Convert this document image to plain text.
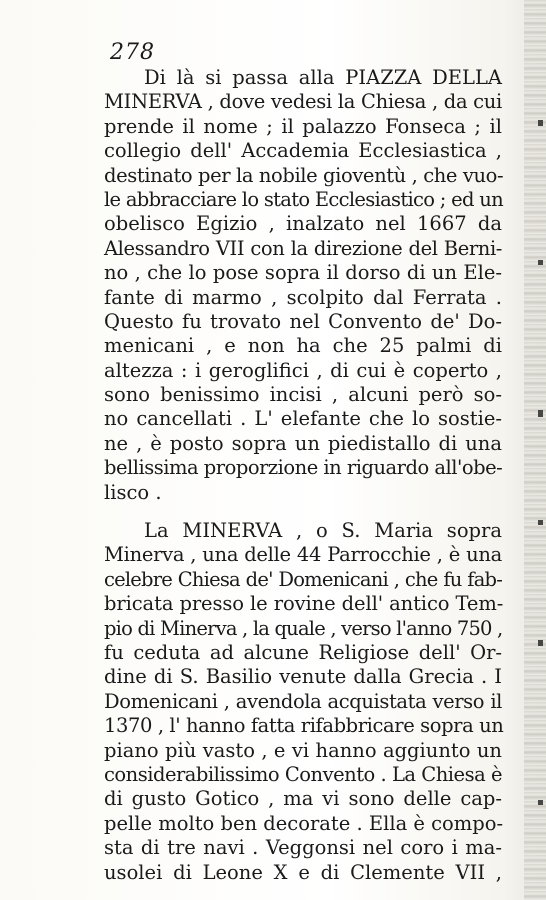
278
Di là si passa alla PIAZZA DELLA
MINERVA , dove vedesi la Chiesa , da cui
prende il nome ; il palazzo Fonseca ; il
collegio dell' Accademia Ecclesiastica ,
destinato per la nobile gioventù , che vuo-
le abbracciare lo stato Ecclesiastico ; ed un
obelisco Egizio , inalzato nel 1667 da
Alessandro VII con la direzione del Berni-
no , che lo pose sopra il dorso di un Ele-
fante di marmo , scolpito dal Ferrata .
Questo fu trovato nel Convento de' Do-
menicani , e non ha che 25 palmi di
altezza : i geroglifici , di cui è coperto ,
sono benissimo incisi , alcuni però so-
no cancellati . L' elefante che lo sostie-
ne , è posto sopra un piedistallo di una
bellissima proporzione in riguardo all'obe-
lisco .
La MINERVA , o S. Maria sopra
Minerva , una delle 44 Parrocchie , è una
celebre Chiesa de' Domenicani , che fu fab-
bricata presso le rovine dell' antico Tem-
pio di Minerva , la quale , verso l'anno 750 ,
fu ceduta ad alcune Religiose dell' Or-
dine di S. Basilio venute dalla Grecia . I
Domenicani , avendola acquistata verso il
1370 , l' hanno fatta rifabbricare sopra un
piano più vasto , e vi hanno aggiunto un
considerabilissimo Convento . La Chiesa è
di gusto Gotico , ma vi sono delle cap-
pelle molto ben decorate . Ella è compo-
sta di tre navi . Veggonsi nel coro i ma-
usolei di Leone X e di Clemente VII ,
